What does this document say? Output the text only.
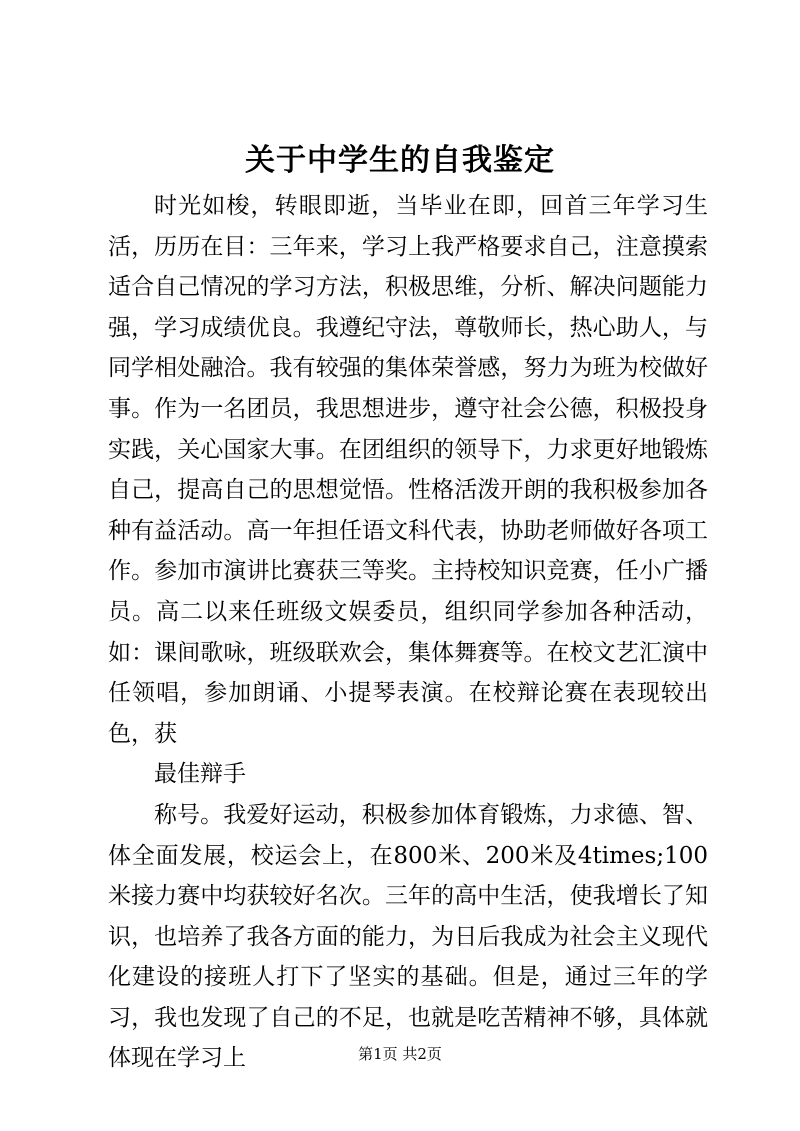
关于中学生的自我鉴定

时光如梭，转眼即逝，当毕业在即，回首三年学习生活，历历在目：三年来，学习上我严格要求自己，注意摸索适合自己情况的学习方法，积极思维，分析、解决问题能力强，学习成绩优良。我遵纪守法，尊敬师长，热心助人，与同学相处融洽。我有较强的集体荣誉感，努力为班为校做好事。作为一名团员，我思想进步，遵守社会公德，积极投身实践，关心国家大事。在团组织的领导下，力求更好地锻炼自己，提高自己的思想觉悟。性格活泼开朗的我积极参加各种有益活动。高一年担任语文科代表，协助老师做好各项工作。参加市演讲比赛获三等奖。主持校知识竞赛，任小广播员。高二以来任班级文娱委员，组织同学参加各种活动，如：课间歌咏，班级联欢会，集体舞赛等。在校文艺汇演中任领唱，参加朗诵、小提琴表演。在校辩论赛在表现较出色，获

最佳辩手

称号。我爱好运动，积极参加体育锻炼，力求德、智、体全面发展，校运会上，在800米、200米及4times;100米接力赛中均获较好名次。三年的高中生活，使我增长了知识，也培养了我各方面的能力，为日后我成为社会主义现代化建设的接班人打下了坚实的基础。但是，通过三年的学习，我也发现了自己的不足，也就是吃苦精神不够，具体就体现在学习上	第1页 共2页
